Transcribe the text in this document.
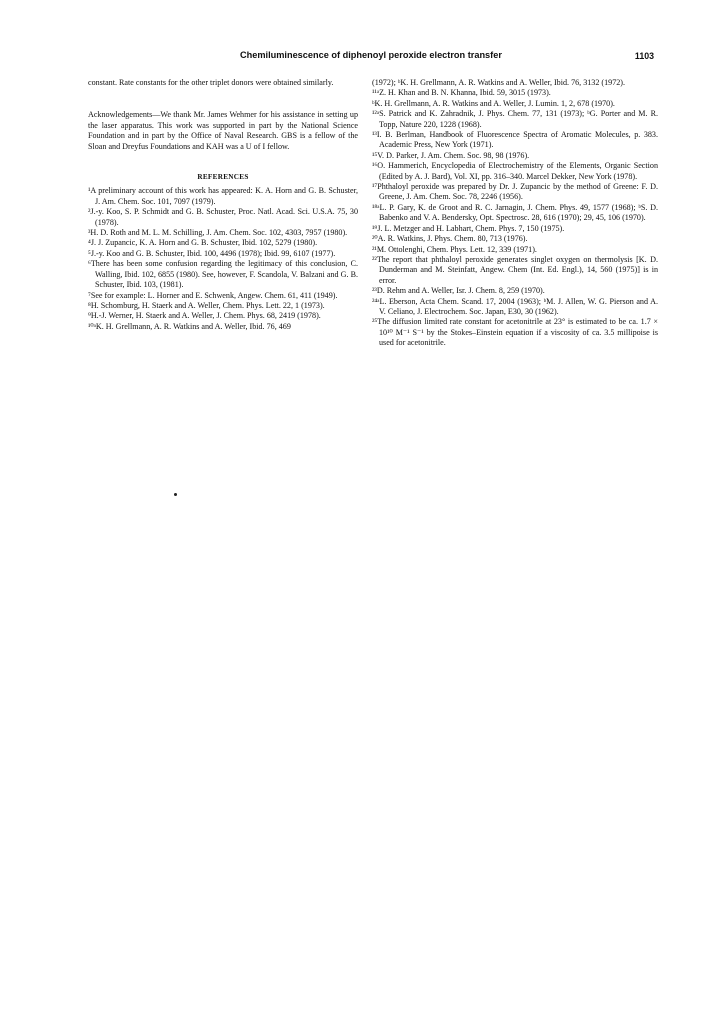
Chemiluminescence of diphenoyl peroxide electron transfer	1103

constant. Rate constants for the other triplet donors were obtained similarly.

Acknowledgements—We thank Mr. James Wehmer for his assistance in setting up the laser apparatus. This work was supported in part by the National Science Foundation and in part by the Office of Naval Research. GBS is a fellow of the Sloan and Dreyfus Foundations and KAH was a U of I fellow.

REFERENCES

¹A preliminary account of this work has appeared: K. A. Horn and G. B. Schuster, J. Am. Chem. Soc. 101, 7097 (1979).

²J.-y. Koo, S. P. Schmidt and G. B. Schuster, Proc. Natl. Acad. Sci. U.S.A. 75, 30 (1978).

³H. D. Roth and M. L. M. Schilling, J. Am. Chem. Soc. 102, 4303, 7957 (1980).

⁴J. J. Zupancic, K. A. Horn and G. B. Schuster, Ibid. 102, 5279 (1980).

⁵J.-y. Koo and G. B. Schuster, Ibid. 100, 4496 (1978); Ibid. 99, 6107 (1977).

⁶There has been some confusion regarding the legitimacy of this conclusion, C. Walling, Ibid. 102, 6855 (1980). See, however, F. Scandola, V. Balzani and G. B. Schuster, Ibid. 103, (1981).

⁷See for example: L. Horner and E. Schwenk, Angew. Chem. 61, 411 (1949).

⁸H. Schomburg, H. Staerk and A. Weller, Chem. Phys. Lett. 22, 1 (1973).

⁹H.-J. Werner, H. Staerk and A. Weller, J. Chem. Phys. 68, 2419 (1978).

¹⁰ᵃK. H. Grellmann, A. R. Watkins and A. Weller, Ibid. 76, 469

(1972); ᵇK. H. Grellmann, A. R. Watkins and A. Weller, Ibid. 76, 3132 (1972).

¹¹ᵃZ. H. Khan and B. N. Khanna, Ibid. 59, 3015 (1973).

ᵇK. H. Grellmann, A. R. Watkins and A. Weller, J. Lumin. 1, 2, 678 (1970).

¹²ᵃS. Patrick and K. Zahradnik, J. Phys. Chem. 77, 131 (1973); ᵇG. Porter and M. R. Topp, Nature 220, 1228 (1968).

¹³I. B. Berlman, Handbook of Fluorescence Spectra of Aromatic Molecules, p. 383. Academic Press, New York (1971).

¹⁵V. D. Parker, J. Am. Chem. Soc. 98, 98 (1976).

¹⁶O. Hammerich, Encyclopedia of Electrochemistry of the Elements, Organic Section (Edited by A. J. Bard), Vol. XI, pp. 316–340. Marcel Dekker, New York (1978).

¹⁷Phthaloyl peroxide was prepared by Dr. J. Zupancic by the method of Greene: F. D. Greene, J. Am. Chem. Soc. 78, 2246 (1956).

¹⁸ᵃL. P. Gary, K. de Groot and R. C. Jarnagin, J. Chem. Phys. 49, 1577 (1968); ᵇS. D. Babenko and V. A. Bendersky, Opt. Spectrosc. 28, 616 (1970); 29, 45, 106 (1970).

¹⁹J. L. Metzger and H. Labhart, Chem. Phys. 7, 150 (1975).

²⁰A. R. Watkins, J. Phys. Chem. 80, 713 (1976).

²¹M. Ottolenghi, Chem. Phys. Lett. 12, 339 (1971).

²²The report that phthaloyl peroxide generates singlet oxygen on thermolysis [K. D. Dunderman and M. Steinfatt, Angew. Chem (Int. Ed. Engl.), 14, 560 (1975)] is in error.

²³D. Rehm and A. Weller, Isr. J. Chem. 8, 259 (1970).

²⁴ᵃL. Eberson, Acta Chem. Scand. 17, 2004 (1963); ᵇM. J. Allen, W. G. Pierson and A. V. Celiano, J. Electrochem. Soc. Japan, E30, 30 (1962).

²⁵The diffusion limited rate constant for acetonitrile at 23° is estimated to be ca. 1.7 × 10¹⁰ M⁻¹ S⁻¹ by the Stokes–Einstein equation if a viscosity of ca. 3.5 millipoise is used for acetonitrile.
